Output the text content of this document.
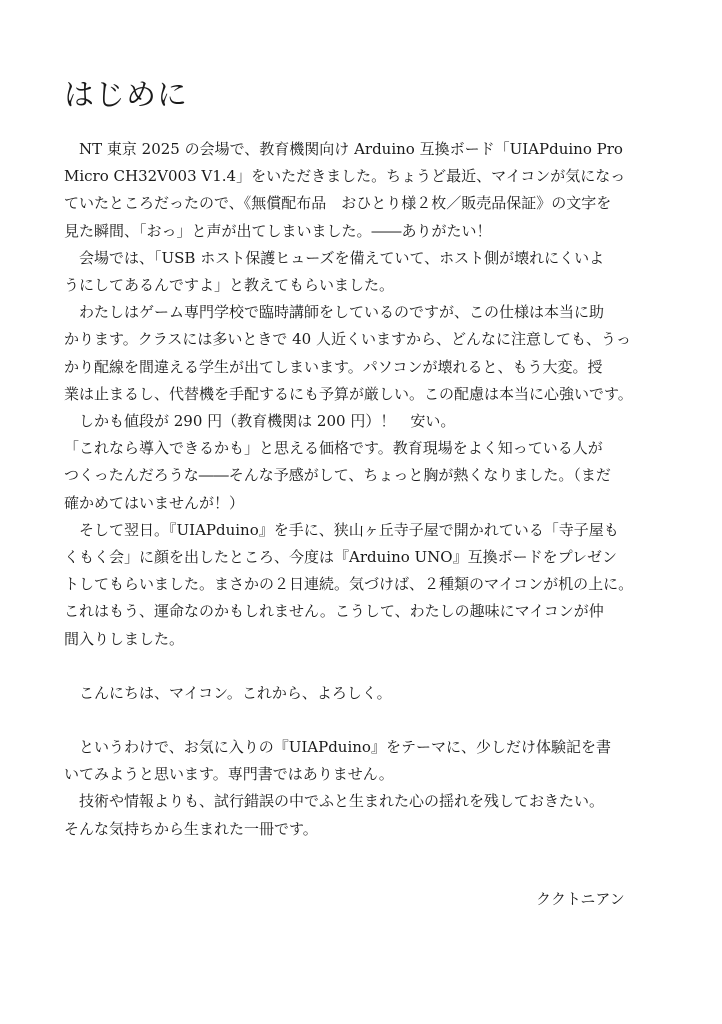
はじめに

　NT 東京 2025 の会場で、教育機関向け Arduino 互換ボード「UIAPduino Pro
Micro CH32V003 V1.4」をいただきました。ちょうど最近、マイコンが気になっ
ていたところだったので、《無償配布品　おひとり様２枚／販売品保証》の文字を
見た瞬間、「おっ」と声が出てしまいました。――ありがたい！

　会場では、「USB ホスト保護ヒューズを備えていて、ホスト側が壊れにくいよ
うにしてあるんですよ」と教えてもらいました。

　わたしはゲーム専門学校で臨時講師をしているのですが、この仕様は本当に助
かります。クラスには多いときで 40 人近くいますから、どんなに注意しても、うっ
かり配線を間違える学生が出てしまいます。パソコンが壊れると、もう大変。授
業は止まるし、代替機を手配するにも予算が厳しい。この配慮は本当に心強いです。

　しかも値段が 290 円（教育機関は 200 円）！　安い。

「これなら導入できるかも」と思える価格です。教育現場をよく知っている人が
つくったんだろうな――そんな予感がして、ちょっと胸が熱くなりました。（まだ
確かめてはいませんが！）

　そして翌日。『UIAPduino』を手に、狭山ヶ丘寺子屋で開かれている「寺子屋も
くもく会」に顔を出したところ、今度は『Arduino UNO』互換ボードをプレゼン
トしてもらいました。まさかの２日連続。気づけば、２種類のマイコンが机の上に。
これはもう、運命なのかもしれません。こうして、わたしの趣味にマイコンが仲
間入りしました。

　こんにちは、マイコン。これから、よろしく。

　というわけで、お気に入りの『UIAPduino』をテーマに、少しだけ体験記を書
いてみようと思います。専門書ではありません。

　技術や情報よりも、試行錯誤の中でふと生まれた心の揺れを残しておきたい。
そんな気持ちから生まれた一冊です。

ククトニアン
